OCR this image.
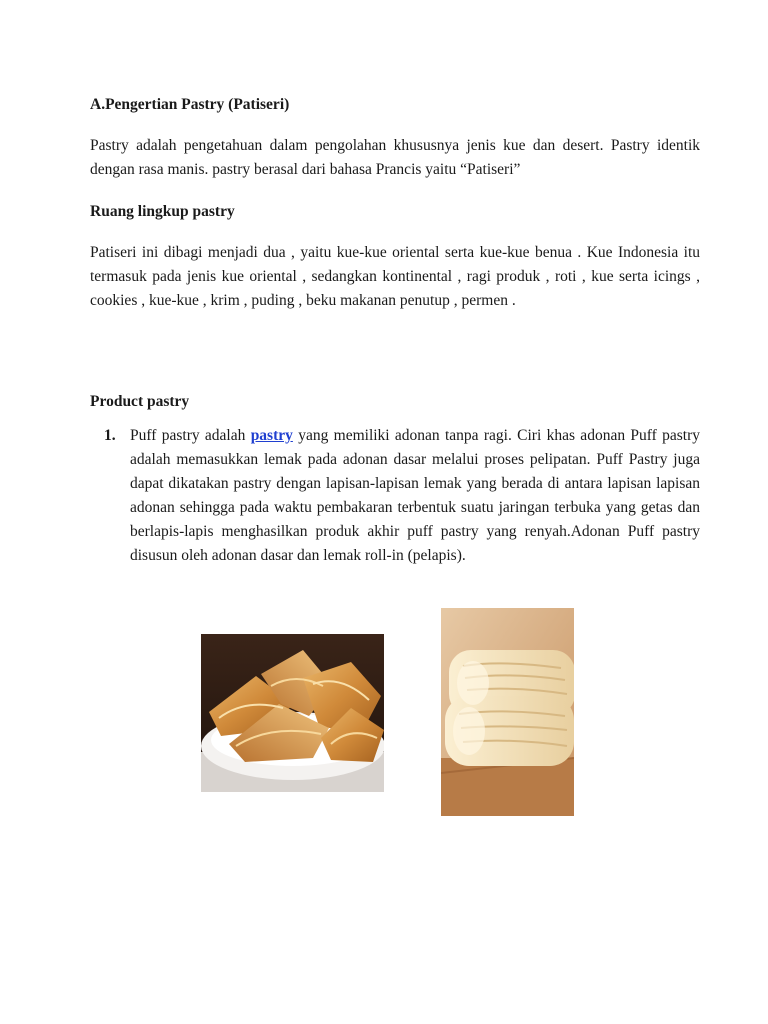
A.Pengertian Pastry (Patiseri)
Pastry adalah pengetahuan dalam pengolahan khususnya jenis kue dan desert. Pastry identik dengan rasa manis. pastry berasal dari bahasa Prancis yaitu “Patiseri”
Ruang lingkup pastry
Patiseri ini dibagi menjadi dua , yaitu kue-kue oriental serta kue-kue benua . Kue Indonesia itu termasuk pada jenis kue oriental , sedangkan kontinental , ragi produk , roti , kue serta icings , cookies , kue-kue , krim , puding , beku makanan penutup , permen .
Product pastry
1. Puff pastry adalah pastry yang memiliki adonan tanpa ragi. Ciri khas adonan Puff pastry adalah memasukkan lemak pada adonan dasar melalui proses pelipatan. Puff Pastry juga dapat dikatakan pastry dengan lapisan-lapisan lemak yang berada di antara lapisan lapisan adonan sehingga pada waktu pembakaran terbentuk suatu jaringan terbuka yang getas dan berlapis-lapis menghasilkan produk akhir puff pastry yang renyah.Adonan Puff pastry disusun oleh adonan dasar dan lemak roll-in (pelapis).
